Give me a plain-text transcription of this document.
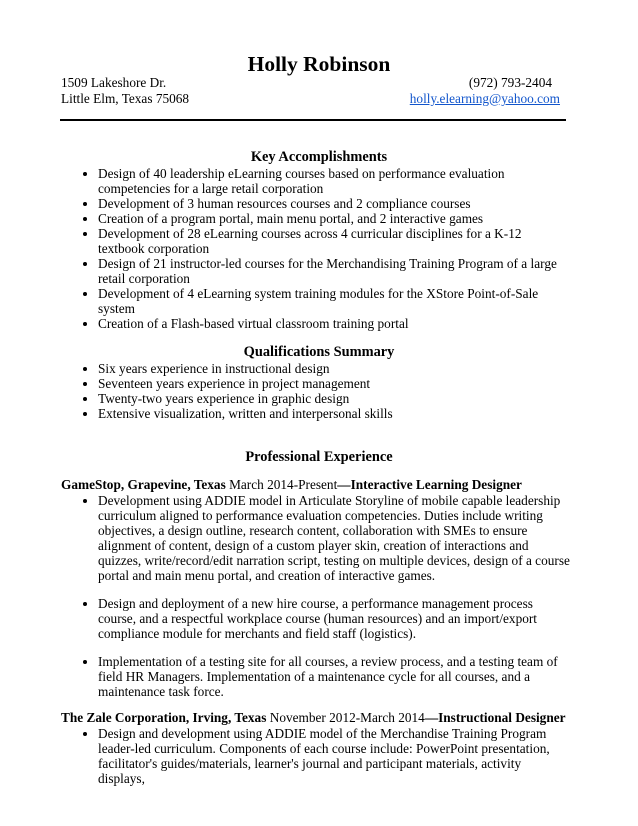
Holly Robinson
1509 Lakeshore Dr.
Little Elm, Texas 75068
(972) 793-2404
holly.elearning@yahoo.com
Key Accomplishments
Design of 40 leadership eLearning courses based on performance evaluation competencies for a large retail corporation
Development of 3 human resources courses and 2 compliance courses
Creation of a program portal, main menu portal, and 2 interactive games
Development of 28 eLearning courses across 4 curricular disciplines for a K-12 textbook corporation
Design of 21 instructor-led courses for the Merchandising Training Program of a large retail corporation
Development of 4 eLearning system training modules for the XStore Point-of-Sale system
Creation of a Flash-based virtual classroom training portal
Qualifications Summary
Six years experience in instructional design
Seventeen years experience in project management
Twenty-two years experience in graphic design
Extensive visualization, written and interpersonal skills
Professional Experience
GameStop, Grapevine, Texas March 2014-Present—Interactive Learning Designer
Development using ADDIE model in Articulate Storyline of mobile capable leadership curriculum aligned to performance evaluation competencies. Duties include writing objectives, a design outline, research content, collaboration with SMEs to ensure alignment of content, design of a custom player skin, creation of interactions and quizzes, write/record/edit narration script, testing on multiple devices, design of a course portal and main menu portal, and creation of interactive games.
Design and deployment of a new hire course, a performance management process course, and a respectful workplace course (human resources) and an import/export compliance module for merchants and field staff (logistics).
Implementation of a testing site for all courses, a review process, and a testing team of field HR Managers. Implementation of a maintenance cycle for all courses, and a maintenance task force.
The Zale Corporation, Irving, Texas November 2012-March 2014—Instructional Designer
Design and development using ADDIE model of the Merchandise Training Program leader-led curriculum. Components of each course include: PowerPoint presentation, facilitator's guides/materials, learner's journal and participant materials, activity displays,
